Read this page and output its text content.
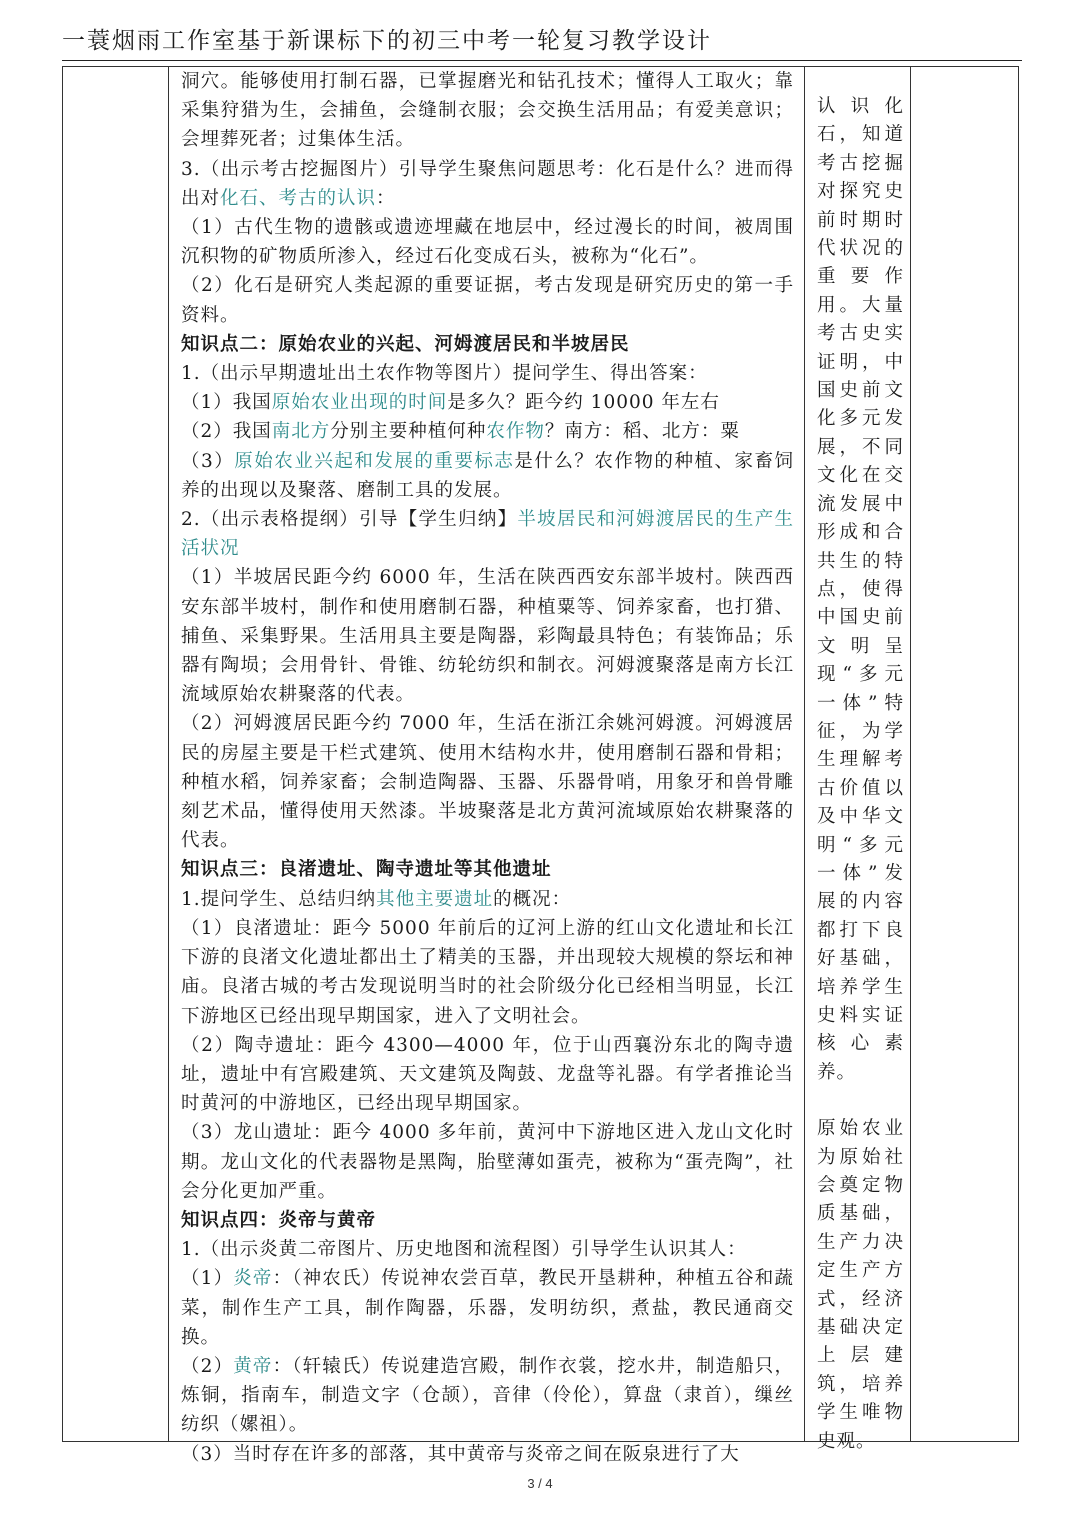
一蓑烟雨工作室基于新课标下的初三中考一轮复习教学设计

洞穴。能够使用打制石器，已掌握磨光和钻孔技术；懂得人工取火；靠采集狩猎为生，会捕鱼，会缝制衣服；会交换生活用品；有爱美意识；会埋葬死者；过集体生活。

3.（出示考古挖掘图片）引导学生聚焦问题思考：化石是什么？进而得出对化石、考古的认识：

（1）古代生物的遗骸或遗迹埋藏在地层中，经过漫长的时间，被周围沉积物的矿物质所渗入，经过石化变成石头，被称为“化石”。

（2）化石是研究人类起源的重要证据，考古发现是研究历史的第一手资料。

知识点二：原始农业的兴起、河姆渡居民和半坡居民

1.（出示早期遗址出土农作物等图片）提问学生、得出答案：

（1）我国原始农业出现的时间是多久？距今约 10000 年左右

（2）我国南北方分别主要种植何种农作物？南方：稻、北方：粟

（3）原始农业兴起和发展的重要标志是什么？农作物的种植、家畜饲养的出现以及聚落、磨制工具的发展。

2.（出示表格提纲）引导【学生归纳】半坡居民和河姆渡居民的生产生活状况

（1）半坡居民距今约 6000 年，生活在陕西西安东部半坡村。陕西西安东部半坡村，制作和使用磨制石器，种植粟等、饲养家畜，也打猎、捕鱼、采集野果。生活用具主要是陶器，彩陶最具特色；有装饰品；乐器有陶埙；会用骨针、骨锥、纺轮纺织和制衣。河姆渡聚落是南方长江流域原始农耕聚落的代表。

（2）河姆渡居民距今约 7000 年，生活在浙江余姚河姆渡。河姆渡居民的房屋主要是干栏式建筑、使用木结构水井，使用磨制石器和骨耜；种植水稻，饲养家畜；会制造陶器、玉器、乐器骨哨，用象牙和兽骨雕刻艺术品，懂得使用天然漆。半坡聚落是北方黄河流域原始农耕聚落的代表。

知识点三：良渚遗址、陶寺遗址等其他遗址

1.提问学生、总结归纳其他主要遗址的概况：

（1）良渚遗址：距今 5000 年前后的辽河上游的红山文化遗址和长江下游的良渚文化遗址都出土了精美的玉器，并出现较大规模的祭坛和神庙。良渚古城的考古发现说明当时的社会阶级分化已经相当明显，长江下游地区已经出现早期国家，进入了文明社会。

（2）陶寺遗址：距今 4300—4000 年，位于山西襄汾东北的陶寺遗址，遗址中有宫殿建筑、天文建筑及陶鼓、龙盘等礼器。有学者推论当时黄河的中游地区，已经出现早期国家。

（3）龙山遗址：距今 4000 多年前，黄河中下游地区进入龙山文化时期。龙山文化的代表器物是黑陶，胎壁薄如蛋壳，被称为“蛋壳陶”，社会分化更加严重。

知识点四：炎帝与黄帝

1.（出示炎黄二帝图片、历史地图和流程图）引导学生认识其人：

（1）炎帝：（神农氏）传说神农尝百草，教民开垦耕种，种植五谷和蔬菜，制作生产工具，制作陶器，乐器，发明纺织，煮盐，教民通商交换。

（2）黄帝：（轩辕氏）传说建造宫殿，制作衣裳，挖水井，制造船只，炼铜，指南车，制造文字（仓颉），音律（伶伦），算盘（隶首），缫丝纺织（嫘祖）。

（3）当时存在许多的部落，其中黄帝与炎帝之间在阪泉进行了大

认识化石，知道考古挖掘对探究史前时期时代状况的重要作用。大量考古史实证明，中国史前文化多元发展，不同文化在交流发展中形成和合共生的特点，使得中国史前文明呈现“多元一体”特征，为学生理解考古价值以及中华文明“多元一体”发展的内容都打下良好基础，培养学生史料实证核心素养。

原始农业为原始社会奠定物质基础，生产力决定生产方式，经济基础决定上层建筑，培养学生唯物史观。

3 / 4
